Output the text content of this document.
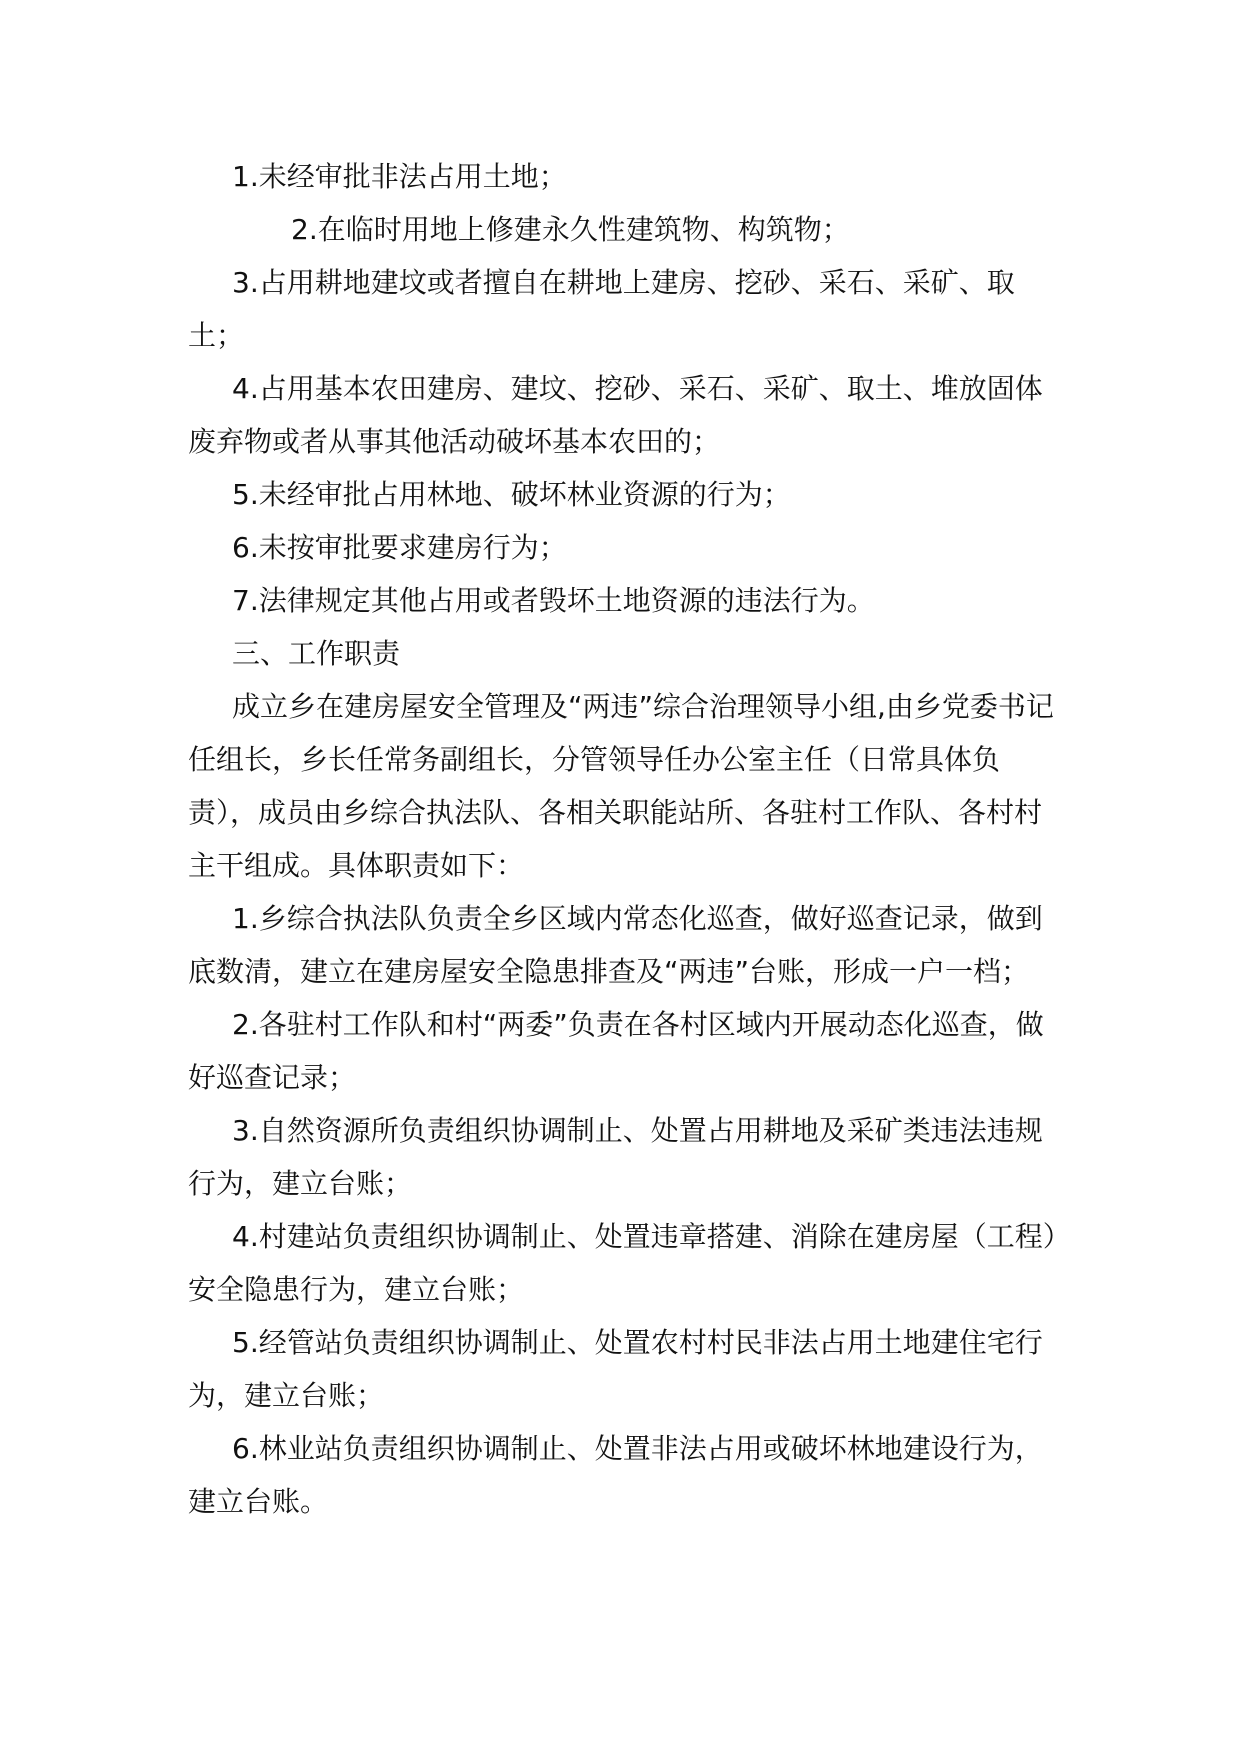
1.未经审批非法占用土地；

2.在临时用地上修建永久性建筑物、构筑物；

3.占用耕地建坟或者擅自在耕地上建房、挖砂、采石、采矿、取土；

4.占用基本农田建房、建坟、挖砂、采石、采矿、取土、堆放固体废弃物或者从事其他活动破坏基本农田的；

5.未经审批占用林地、破坏林业资源的行为；

6.未按审批要求建房行为；

7.法律规定其他占用或者毁坏土地资源的违法行为。

三、工作职责

成立乡在建房屋安全管理及“两违”综合治理领导小组,由乡党委书记任组长，乡长任常务副组长，分管领导任办公室主任（日常具体负责），成员由乡综合执法队、各相关职能站所、各驻村工作队、各村村主干组成。具体职责如下：

1.乡综合执法队负责全乡区域内常态化巡查，做好巡查记录，做到底数清，建立在建房屋安全隐患排查及“两违”台账，形成一户一档；

2.各驻村工作队和村“两委”负责在各村区域内开展动态化巡查，做好巡查记录；

3.自然资源所负责组织协调制止、处置占用耕地及采矿类违法违规行为，建立台账；

4.村建站负责组织协调制止、处置违章搭建、消除在建房屋（工程）安全隐患行为，建立台账；

5.经管站负责组织协调制止、处置农村村民非法占用土地建住宅行为，建立台账；

6.林业站负责组织协调制止、处置非法占用或破坏林地建设行为，建立台账。
